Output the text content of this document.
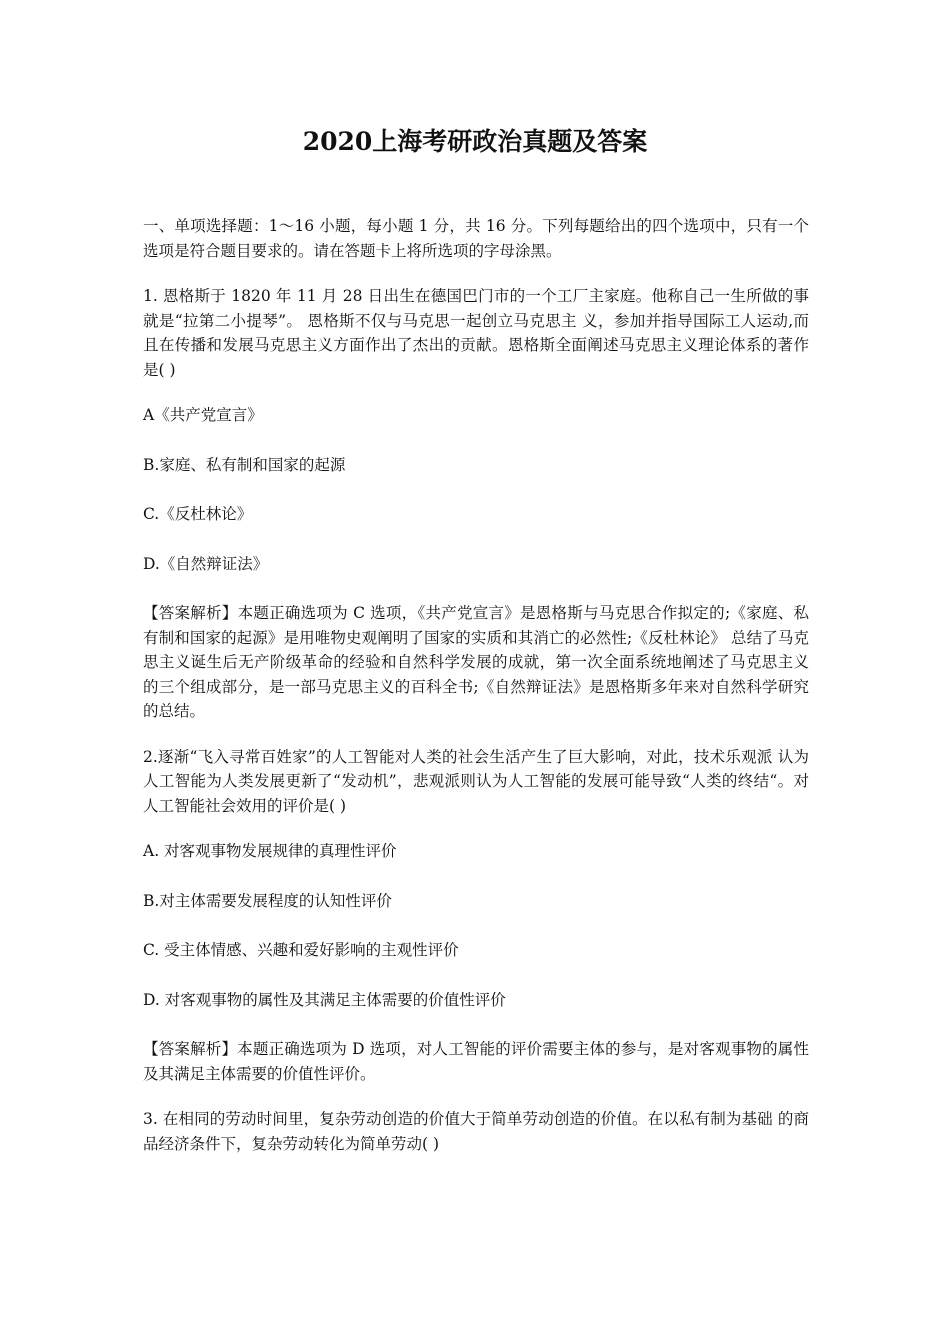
2020上海考研政治真题及答案

一、单项选择题：1～16 小题，每小题 1 分，共 16 分。下列每题给出的四个选项中，只有一个选项是符合题目要求的。请在答题卡上将所选项的字母涂黑。

1. 恩格斯于 1820 年 11 月 28 日出生在德国巴门市的一个工厂主家庭。他称自己一生所做的事就是“拉第二小提琴”。 恩格斯不仅与马克思一起创立马克思主 义，参加并指导国际工人运动,而且在传播和发展马克思主义方面作出了杰出的贡献。恩格斯全面阐述马克思主义理论体系的著作是( )

A《共产党宣言》

B.家庭、私有制和国家的起源

C.《反杜林论》

D.《自然辩证法》

【答案解析】本题正确选项为 C 选项，《共产党宣言》是恩格斯与马克思合作拟定的;《家庭、私有制和国家的起源》是用唯物史观阐明了国家的实质和其消亡的必然性;《反杜林论》 总结了马克思主义诞生后无产阶级革命的经验和自然科学发展的成就，第一次全面系统地阐述了马克思主义的三个组成部分，是一部马克思主义的百科全书;《自然辩证法》是恩格斯多年来对自然科学研究的总结。

2.逐渐“飞入寻常百姓家”的人工智能对人类的社会生活产生了巨大影响，对此，技术乐观派 认为人工智能为人类发展更新了“发动机”，悲观派则认为人工智能的发展可能导致“人类的终结“。对人工智能社会效用的评价是( )

A. 对客观事物发展规律的真理性评价

B.对主体需要发展程度的认知性评价

C. 受主体情感、兴趣和爱好影响的主观性评价

D. 对客观事物的属性及其满足主体需要的价值性评价

【答案解析】本题正确选项为 D 选项，对人工智能的评价需要主体的参与，是对客观事物的属性及其满足主体需要的价值性评价。

3. 在相同的劳动时间里，复杂劳动创造的价值大于简单劳动创造的价值。在以私有制为基础 的商品经济条件下，复杂劳动转化为简单劳动( )
